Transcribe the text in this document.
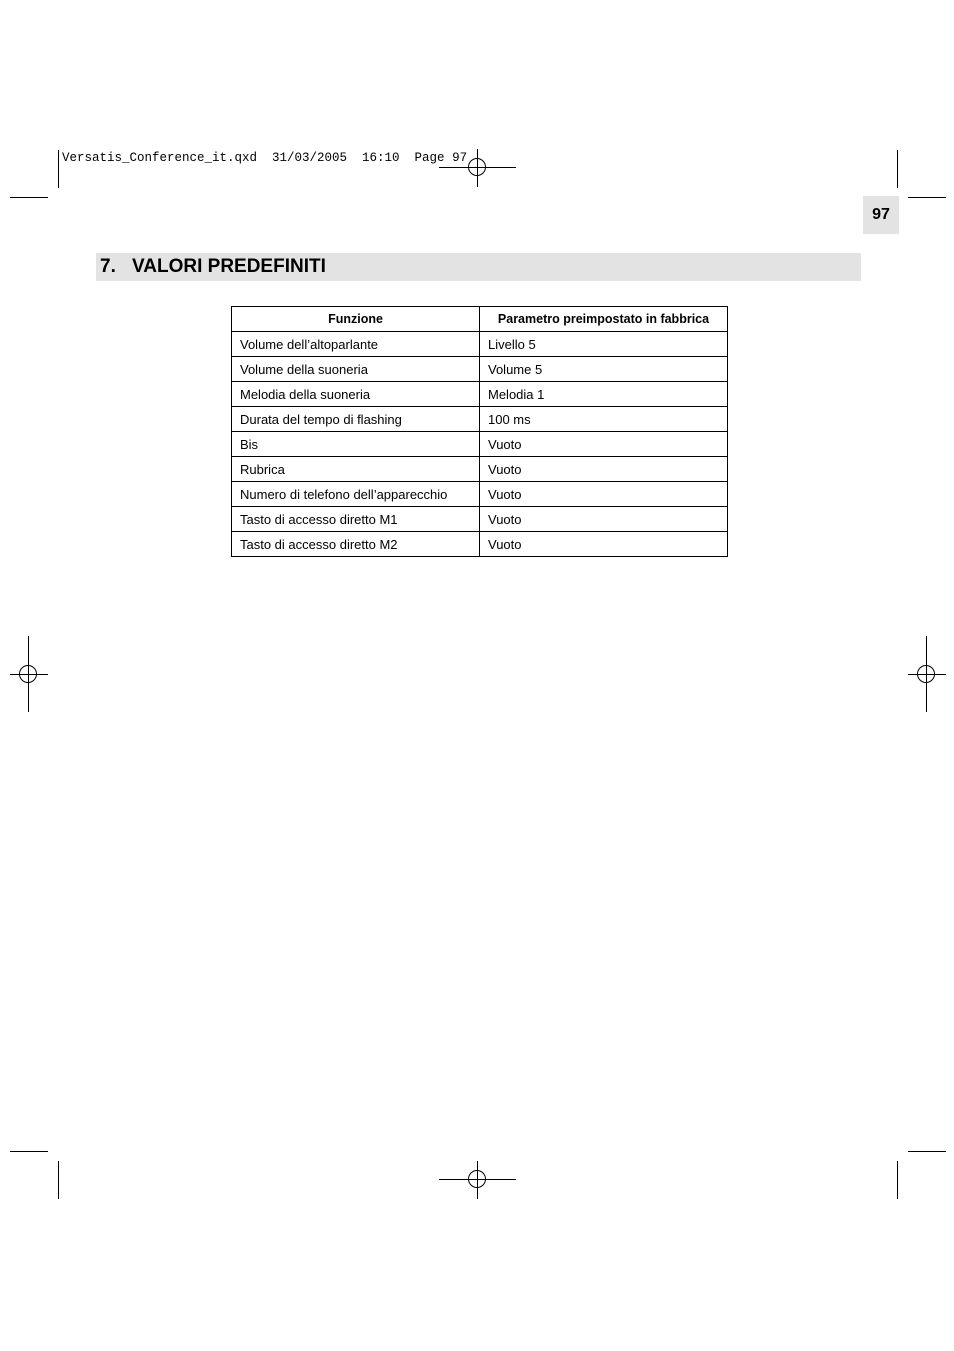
Versatis_Conference_it.qxd  31/03/2005  16:10  Page 97
97
7. VALORI PREDEFINITI
Funzione	Parametro preimpostato in fabbrica
Volume dell’altoparlante	Livello 5
Volume della suoneria	Volume 5
Melodia della suoneria	Melodia 1
Durata del tempo di flashing	100 ms
Bis	Vuoto
Rubrica	Vuoto
Numero di telefono dell’apparecchio	Vuoto
Tasto di accesso diretto M1	Vuoto
Tasto di accesso diretto M2	Vuoto
